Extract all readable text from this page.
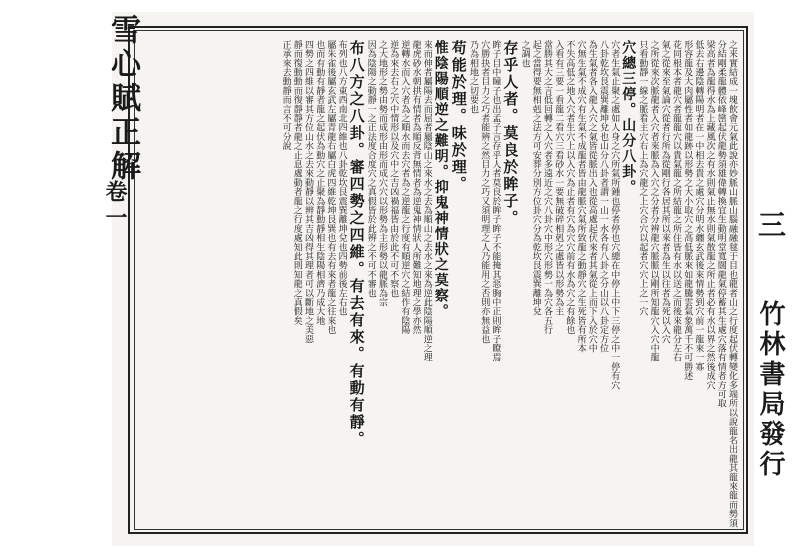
雪心賦正解
卷一	三
竹林書局發行
之来實結成一塊飮會元氣此說亦妙脈山脈山腦融融毬于目也龍者山之行度起伏轉變化多端所以說龍名出龍其龍來龍而勢須
分結剛柔龍體依峰巒起伏龍勢須雄偉轉換宜生動明堂寬闊龍氣停蓄其生處穴落有情者方可取
梁高者為龍得水為上藏風次之有水則氣止無水則氣散龍之所止者必有水以界之然後成穴
低去右邊陰轉陽明者在一中相去貴之處穴分明水纏玄武後來情勢到穴前一龍來一寡
形容龍及大肉屬性者如龍跡以形勢之大小取穴之高低脈來如龍騰雲氣象萬千不可勝述
花同根本者龍穴者龍龍穴以貴氣龍之所結龍之所住皆有水以送之而後來龍分左右
氣之從來至氣論穴從者行所為從剛行各居其所以來者為生以往者為死以入穴
之所從來次脈龍者入穴者來脈為入穴之分者分辨龍穴脈脈以剛所知龍穴入穴中龍
只看動靜一線之脈看主穴右上為穴龍之上穴合穴以起者穴穴上之一穴
穴總三停。山分八卦。
穴者生氣止聚之處如人身之穴所氣所鍾也停者停也穴總在中停上中下三停之中一停有穴
八卦乾坎艮震巽離坤兌也山分八卦者謂一山一水各有八卦之分山以八卦定方位
為生氣者各入龍入穴之氣皆從脈出入也從高處起伏來者其氣從上而下入於穴中
穴無生氣不成穴有生氣不成龍者皆由龍脈穴氣所致龍之動靜穴之生死皆有所本
不失高低之地入穴者生穴上以入穴為止者有穴為穴穴前有水為穴之有餘也
入看有三要一看龍二看穴三看砂水一要無破碎相剋之處皆以形勢為主
當勝其大之言低回轉之入穴者多遠近之穴八卦穴中形穴形勢一為穴各五行
起之當得要無相剋之法方可安葬分別方位卦穴分為乾坎艮震巽離坤兌
之調也
存乎人者。莫良於眸子。
眸子目中瞳子也出孟子言存乎人者莫良於眸子眸子不能掩其惡胸中正則眸子瞭焉
穴勝抉者目力之巧者能辨之然目力之巧又須明理之人乃能用之否則亦無益也
乃為相地之切要也
苟能於理。味於理。
惟陰陽順逆之難明。抑鬼神情狀之莫察。
來而伸者屬陽去而屈者屬陰山之來水之去為順山之去水之來為逆此陰陽順逆之理
龍虎砂水朝拱有情者為順反背無情者為逆鬼神情狀人所難知地理之學亦然
逆轉水而入穴者為之順水而去穴者為之逆龍之行度有順逆穴之結作有陰陽
逆為來去右之穴中情形以及穴中之吉凶禍福皆由於此不可不察也
之大地形之勢由勢而成形由形而成穴穴以形勢為主形勢以龍脈為宗
因為陰陽之動靜一之正法度合度穴之真假皆於此辨之不可不審也
布八方之八卦。審四勢之四維。有去有來。有動有靜。
布列也八方東西南北四維也八卦乾坎艮震巽離坤兌也四勢前後左右也
屬朱雀後屬玄武左屬青龍右屬白虎四維乾坤艮巽也有去有來者龍之往來也
也而有動有靜者龍之起伏為動穴之止聚為靜動靜相生陰陽相濟乃成大地
四勢之四維以審其方位山水之去來動靜以辨其吉凶得其理者可以斷地之美惡
靜而復動動而復靜靜者龍之止息處動者龍之行度處知此則知龍之真假矣
正承來去動靜而言不可分說
